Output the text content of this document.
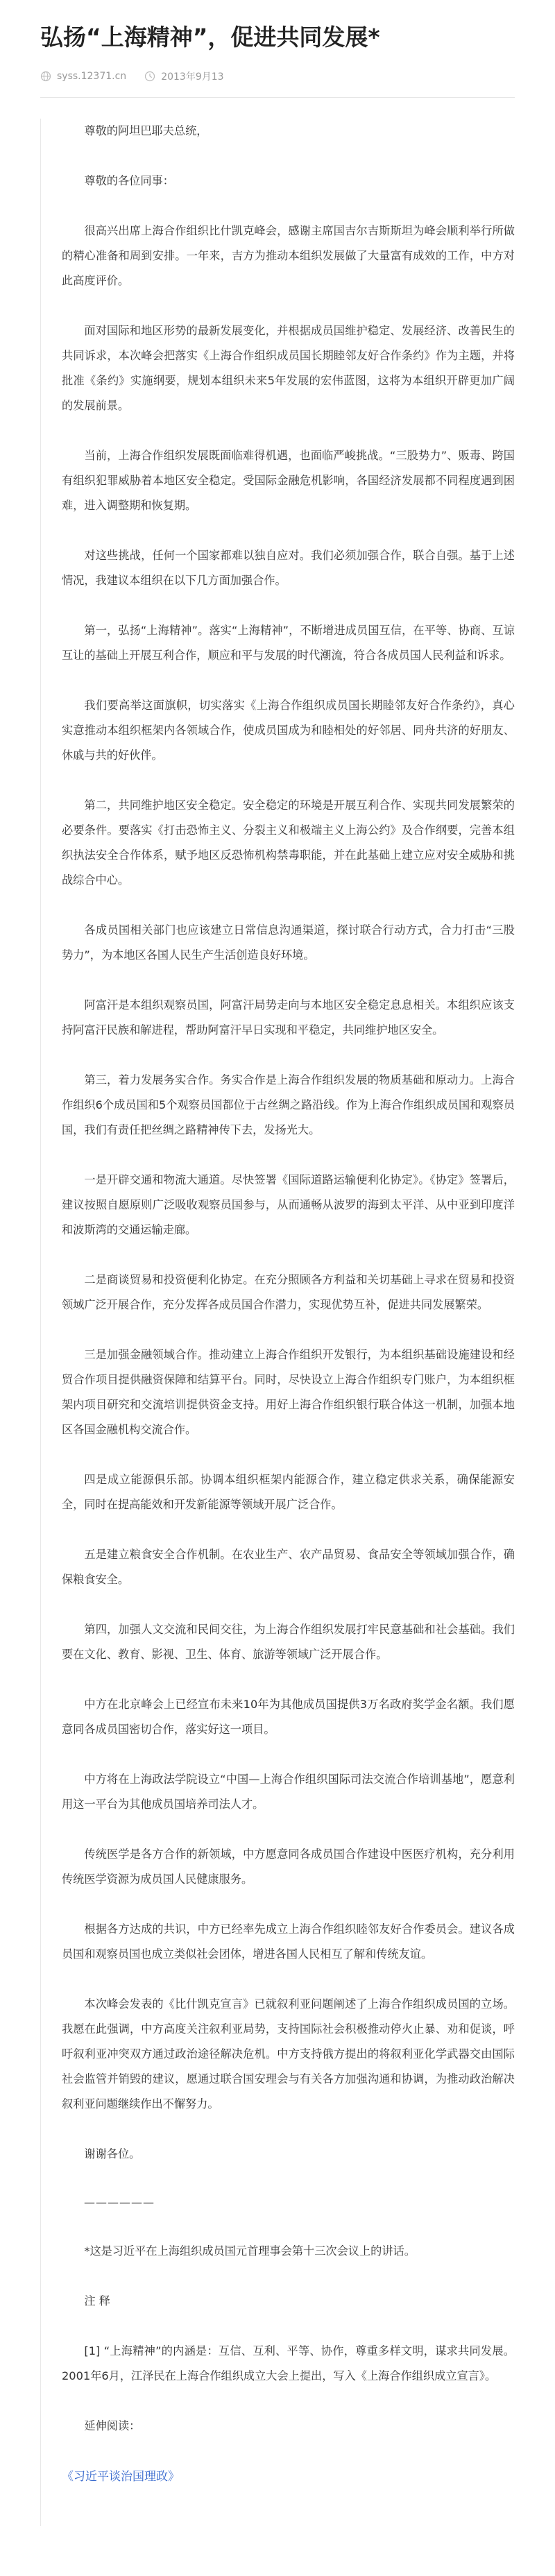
弘扬“上海精神”，促进共同发展*
syss.12371.cn	2013年9月13

尊敬的阿坦巴耶夫总统，

尊敬的各位同事：

很高兴出席上海合作组织比什凯克峰会，感谢主席国吉尔吉斯斯坦为峰会顺利举行所做的精心准备和周到安排。一年来，吉方为推动本组织发展做了大量富有成效的工作，中方对此高度评价。

面对国际和地区形势的最新发展变化，并根据成员国维护稳定、发展经济、改善民生的共同诉求，本次峰会把落实《上海合作组织成员国长期睦邻友好合作条约》作为主题，并将批准《条约》实施纲要，规划本组织未来5年发展的宏伟蓝图，这将为本组织开辟更加广阔的发展前景。

当前，上海合作组织发展既面临难得机遇，也面临严峻挑战。“三股势力”、贩毒、跨国有组织犯罪威胁着本地区安全稳定。受国际金融危机影响，各国经济发展都不同程度遇到困难，进入调整期和恢复期。

对这些挑战，任何一个国家都难以独自应对。我们必须加强合作，联合自强。基于上述情况，我建议本组织在以下几方面加强合作。

第一，弘扬“上海精神”。落实“上海精神”，不断增进成员国互信，在平等、协商、互谅互让的基础上开展互利合作，顺应和平与发展的时代潮流，符合各成员国人民利益和诉求。

我们要高举这面旗帜，切实落实《上海合作组织成员国长期睦邻友好合作条约》，真心实意推动本组织框架内各领域合作，使成员国成为和睦相处的好邻居、同舟共济的好朋友、休戚与共的好伙伴。

第二，共同维护地区安全稳定。安全稳定的环境是开展互利合作、实现共同发展繁荣的必要条件。要落实《打击恐怖主义、分裂主义和极端主义上海公约》及合作纲要，完善本组织执法安全合作体系，赋予地区反恐怖机构禁毒职能，并在此基础上建立应对安全威胁和挑战综合中心。

各成员国相关部门也应该建立日常信息沟通渠道，探讨联合行动方式，合力打击“三股势力”，为本地区各国人民生产生活创造良好环境。

阿富汗是本组织观察员国，阿富汗局势走向与本地区安全稳定息息相关。本组织应该支持阿富汗民族和解进程，帮助阿富汗早日实现和平稳定，共同维护地区安全。

第三，着力发展务实合作。务实合作是上海合作组织发展的物质基础和原动力。上海合作组织6个成员国和5个观察员国都位于古丝绸之路沿线。作为上海合作组织成员国和观察员国，我们有责任把丝绸之路精神传下去，发扬光大。

一是开辟交通和物流大通道。尽快签署《国际道路运输便利化协定》。《协定》签署后，建议按照自愿原则广泛吸收观察员国参与，从而通畅从波罗的海到太平洋、从中亚到印度洋和波斯湾的交通运输走廊。

二是商谈贸易和投资便利化协定。在充分照顾各方利益和关切基础上寻求在贸易和投资领域广泛开展合作，充分发挥各成员国合作潜力，实现优势互补，促进共同发展繁荣。

三是加强金融领域合作。推动建立上海合作组织开发银行，为本组织基础设施建设和经贸合作项目提供融资保障和结算平台。同时，尽快设立上海合作组织专门账户，为本组织框架内项目研究和交流培训提供资金支持。用好上海合作组织银行联合体这一机制，加强本地区各国金融机构交流合作。

四是成立能源俱乐部。协调本组织框架内能源合作，建立稳定供求关系，确保能源安全，同时在提高能效和开发新能源等领域开展广泛合作。

五是建立粮食安全合作机制。在农业生产、农产品贸易、食品安全等领域加强合作，确保粮食安全。

第四，加强人文交流和民间交往，为上海合作组织发展打牢民意基础和社会基础。我们要在文化、教育、影视、卫生、体育、旅游等领域广泛开展合作。

中方在北京峰会上已经宣布未来10年为其他成员国提供3万名政府奖学金名额。我们愿意同各成员国密切合作，落实好这一项目。

中方将在上海政法学院设立“中国—上海合作组织国际司法交流合作培训基地”，愿意利用这一平台为其他成员国培养司法人才。

传统医学是各方合作的新领域，中方愿意同各成员国合作建设中医医疗机构，充分利用传统医学资源为成员国人民健康服务。

根据各方达成的共识，中方已经率先成立上海合作组织睦邻友好合作委员会。建议各成员国和观察员国也成立类似社会团体，增进各国人民相互了解和传统友谊。

本次峰会发表的《比什凯克宣言》已就叙利亚问题阐述了上海合作组织成员国的立场。我愿在此强调，中方高度关注叙利亚局势，支持国际社会积极推动停火止暴、劝和促谈，呼吁叙利亚冲突双方通过政治途径解决危机。中方支持俄方提出的将叙利亚化学武器交由国际社会监管并销毁的建议，愿通过联合国安理会与有关各方加强沟通和协调，为推动政治解决叙利亚问题继续作出不懈努力。

谢谢各位。

——————

*这是习近平在上海组织成员国元首理事会第十三次会议上的讲话。

注 释

[1] “上海精神”的内涵是：互信、互利、平等、协作，尊重多样文明，谋求共同发展。2001年6月，江泽民在上海合作组织成立大会上提出，写入《上海合作组织成立宣言》。

延伸阅读：

《习近平谈治国理政》
